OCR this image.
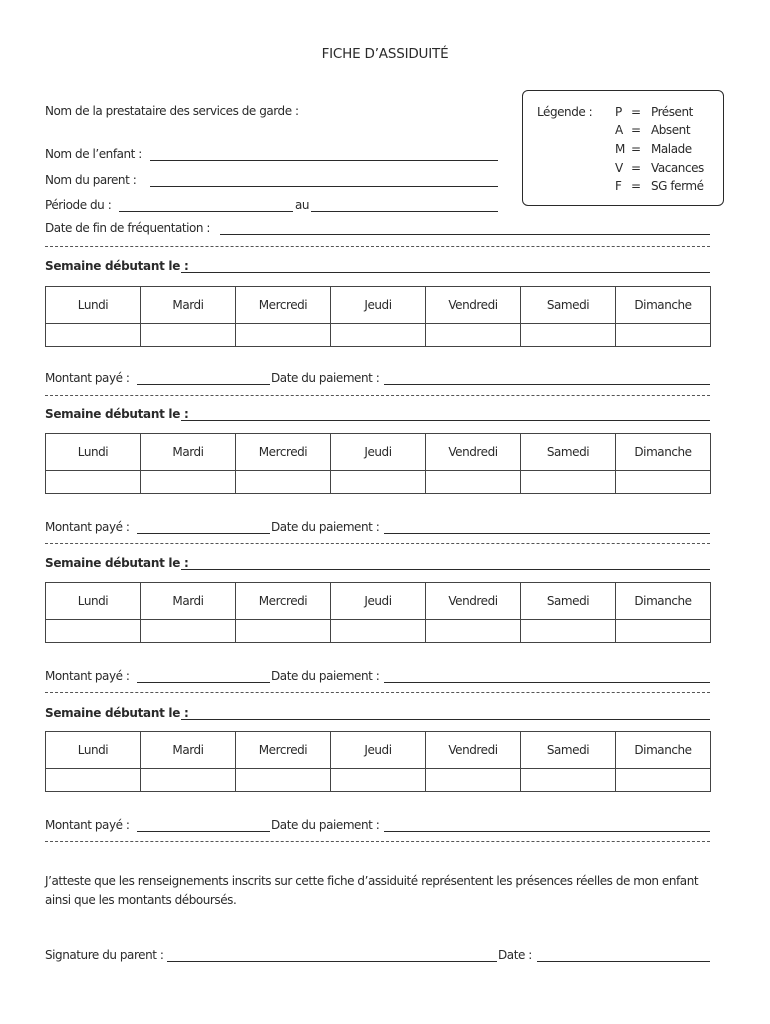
FICHE D’ASSIDUITÉ
Nom de la prestataire des services de garde :
Nom de l’enfant :
Nom du parent :
Période du :	au
Date de fin de fréquentation :
Légende : P = Présent
A = Absent
M = Malade
V = Vacances
F = SG fermé
Semaine débutant le :
Lundi	Mardi	Mercredi	Jeudi	Vendredi	Samedi	Dimanche

Montant payé :	Date du paiement :
Semaine débutant le :
Lundi	Mardi	Mercredi	Jeudi	Vendredi	Samedi	Dimanche

Montant payé :	Date du paiement :
Semaine débutant le :
Lundi	Mardi	Mercredi	Jeudi	Vendredi	Samedi	Dimanche

Montant payé :	Date du paiement :
Semaine débutant le :
Lundi	Mardi	Mercredi	Jeudi	Vendredi	Samedi	Dimanche

Montant payé :	Date du paiement :
J’atteste que les renseignements inscrits sur cette fiche d’assiduité représentent les présences réelles de mon enfant ainsi que les montants déboursés.
Signature du parent :	Date :
